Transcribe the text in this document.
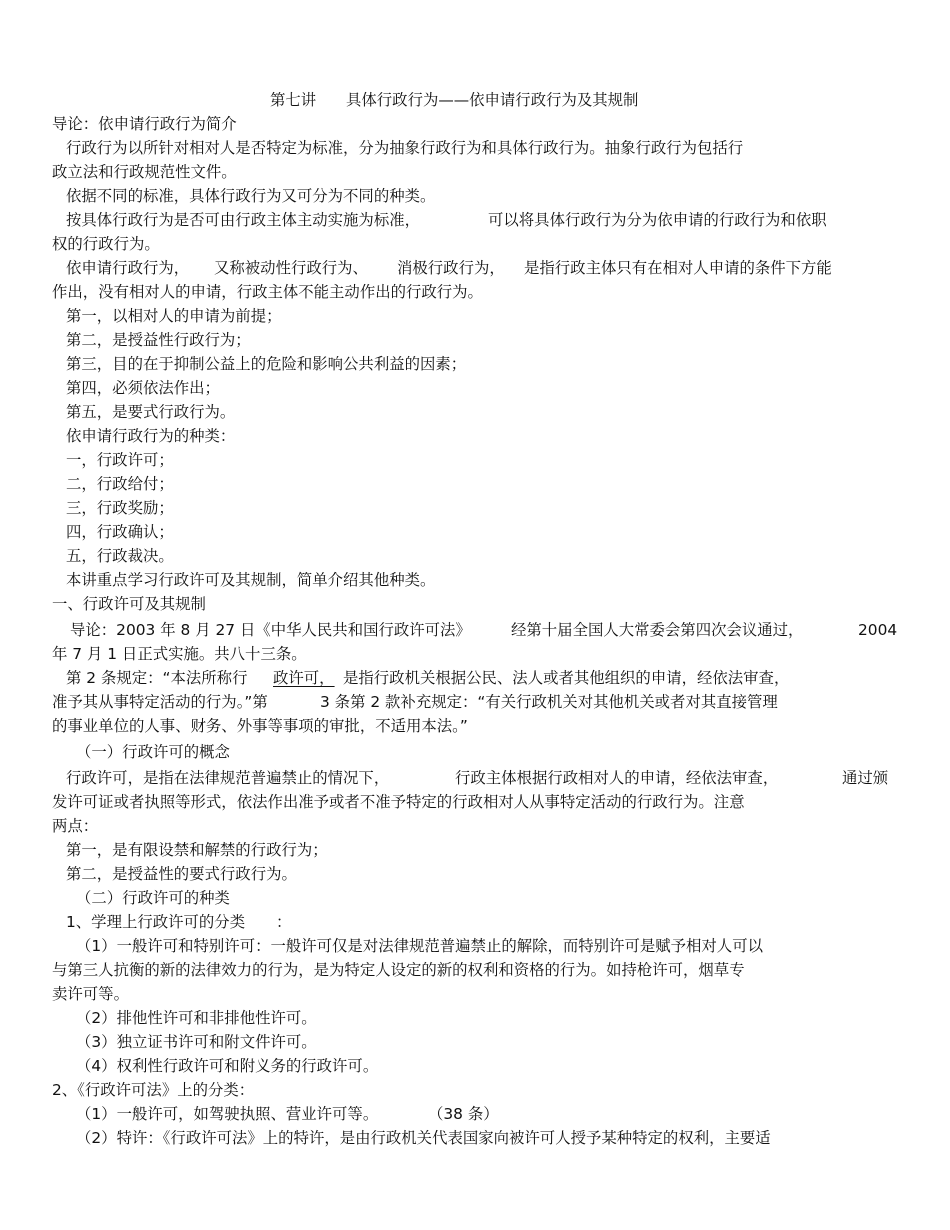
第七讲 具体行政行为——依申请行政行为及其规制
导论：依申请行政行为简介
行政行为以所针对相对人是否特定为标准，分为抽象行政行为和具体行政行为。抽象行政行为包括行
政立法和行政规范性文件。
依据不同的标准，具体行政行为又可分为不同的种类。
按具体行政行为是否可由行政主体主动实施为标准，	可以将具体行政行为分为依申请的行政行为和依职
权的行政行为。
依申请行政行为， 又称被动性行政行为、 消极行政行为， 是指行政主体只有在相对人申请的条件下方能
作出，没有相对人的申请，行政主体不能主动作出的行政行为。
第一，以相对人的申请为前提；
第二，是授益性行政行为；
第三，目的在于抑制公益上的危险和影响公共利益的因素；
第四，必须依法作出；
第五，是要式行政行为。
依申请行政行为的种类：
一，行政许可；
二，行政给付；
三，行政奖励；
四，行政确认；
五，行政裁决。
本讲重点学习行政许可及其规制，简单介绍其他种类。
一、行政许可及其规制
导论：2003 年 8 月 27 日《中华人民共和国行政许可法》	经第十届全国人大常委会第四次会议通过，	2004
年 7 月 1 日正式实施。共八十三条。
第 2 条规定：“本法所称行 政许可， 是指行政机关根据公民、法人或者其他组织的申请，经依法审查，
准予其从事特定活动的行为。”第	3 条第 2 款补充规定：“有关行政机关对其他机关或者对其直接管理
的事业单位的人事、财务、外事等事项的审批，不适用本法。”
（一）行政许可的概念
行政许可，是指在法律规范普遍禁止的情况下，	行政主体根据行政相对人的申请，经依法审查，	通过颁
发许可证或者执照等形式，依法作出准予或者不准予特定的行政相对人从事特定活动的行政行为。注意
两点：
第一，是有限设禁和解禁的行政行为；
第二，是授益性的要式行政行为。
（二）行政许可的种类
1、学理上行政许可的分类 ：
（1）一般许可和特别许可：一般许可仅是对法律规范普遍禁止的解除，而特别许可是赋予相对人可以
与第三人抗衡的新的法律效力的行为，是为特定人设定的新的权利和资格的行为。如持枪许可，烟草专
卖许可等。
（2）排他性许可和非排他性许可。
（3）独立证书许可和附文件许可。
（4）权利性行政许可和附义务的行政许可。
2、《行政许可法》上的分类：
（1）一般许可，如驾驶执照、营业许可等。	（38 条）
（2）特许：《行政许可法》上的特许，是由行政机关代表国家向被许可人授予某种特定的权利，主要适
